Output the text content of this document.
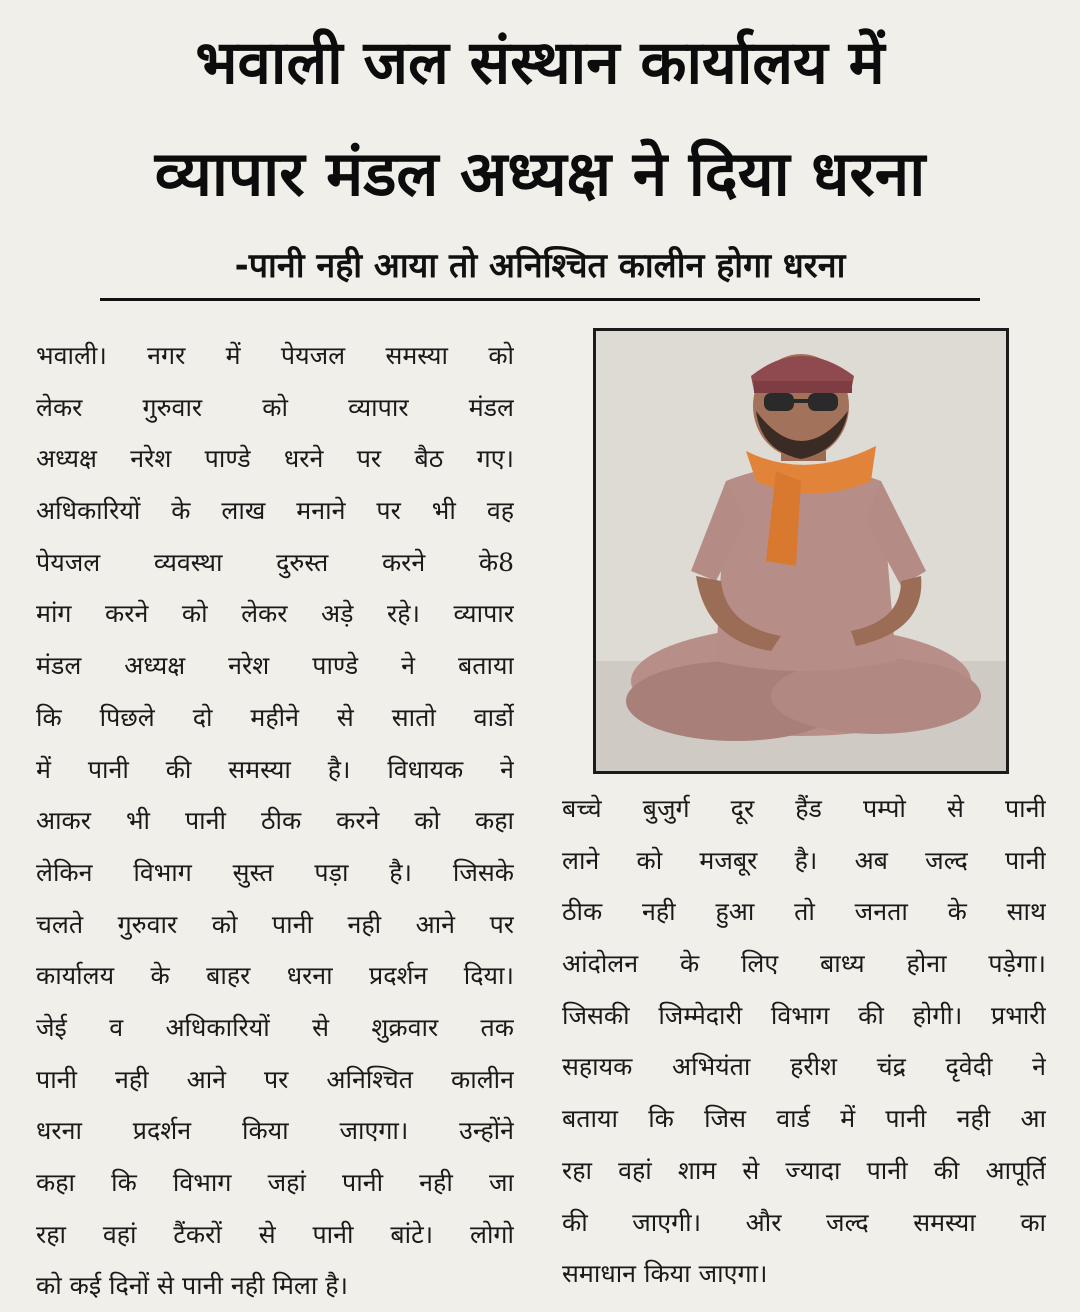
भवाली जल संस्थान कार्यालय में
व्यापार मंडल अध्यक्ष ने दिया धरना
-पानी नही आया तो अनिश्चित कालीन होगा धरना
भवाली। नगर में पेयजल समस्या को
लेकर गुरुवार को व्यापार मंडल
अध्यक्ष नरेश पाण्डे धरने पर बैठ गए।
अधिकारियों के लाख मनाने पर भी वह
पेयजल व्यवस्था दुरुस्त करने के8
मांग करने को लेकर अड़े रहे। व्यापार
मंडल अध्यक्ष नरेश पाण्डे ने बताया
कि पिछले दो महीने से सातो वार्डो
में पानी की समस्या है। विधायक ने
आकर भी पानी ठीक करने को कहा
लेकिन विभाग सुस्त पड़ा है। जिसके
चलते गुरुवार को पानी नही आने पर
कार्यालय के बाहर धरना प्रदर्शन दिया।
जेई व अधिकारियों से शुक्रवार तक
पानी नही आने पर अनिश्चित कालीन
धरना प्रदर्शन किया जाएगा। उन्होंने
कहा कि विभाग जहां पानी नही जा
रहा वहां टैंकरों से पानी बांटे। लोगो
को कई दिनों से पानी नही मिला है।
बच्चे बुजुर्ग दूर हैंड पम्पो से पानी
लाने को मजबूर है। अब जल्द पानी
ठीक नही हुआ तो जनता के साथ
आंदोलन के लिए बाध्य होना पड़ेगा।
जिसकी जिम्मेदारी विभाग की होगी। प्रभारी
सहायक अभियंता हरीश चंद्र दृवेदी ने
बताया कि जिस वार्ड में पानी नही आ
रहा वहां शाम से ज्यादा पानी की आपूर्ति
की जाएगी। और जल्द समस्या का
समाधान किया जाएगा।
